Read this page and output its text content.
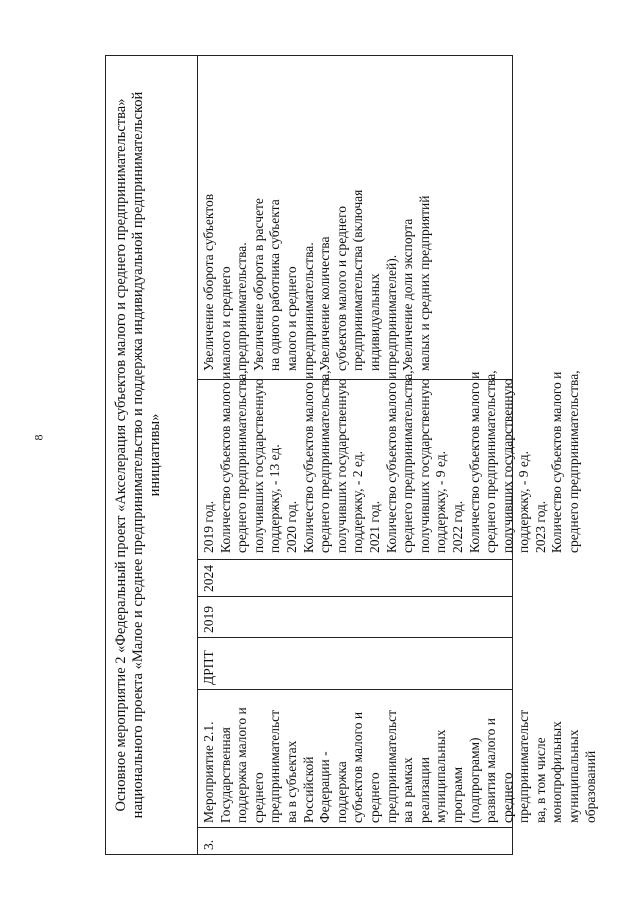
8	Основное мероприятие 2 «Федеральный проект «Акселерация субъектов малого и среднего предпринимательства» национального проекта «Малое и среднее предпринимательство и поддержка индивидуальной предпринимательской инициативы»
3.
Мероприятие 2.1. Государственная поддержка малого и среднего предпринимательст ва в субъектах Российской Федерации - поддержка субъектов малого и среднего предпринимательст ва в рамках реализации муниципальных программ (подпрограмм) развития малого и среднего предпринимательст ва, в том числе монопрофильных муниципальных образований
ДРПТ
2019
2024
2019 год. Количество субъектов малого и среднего предпринимательства, получивших государственную поддержку, - 13 ед. 2020 год. Количество субъектов малого и среднего предпринимательства, получивших государственную поддержку, - 2 ед. 2021 год. Количество субъектов малого и среднего предпринимательства, получивших государственную поддержку, - 9 ед. 2022 год. Количество субъектов малого и среднего предпринимательства, получивших государственную поддержку, - 9 ед. 2023 год. Количество субъектов малого и среднего предпринимательства,
Увеличение оборота субъектов малого и среднего предпринимательства. Увеличение оборота в расчете на одного работника субъекта малого и среднего предпринимательства. Увеличение количества субъектов малого и среднего предпринимательства (включая индивидуальных предпринимателей). Увеличение доли экспорта малых и средних предприятий
